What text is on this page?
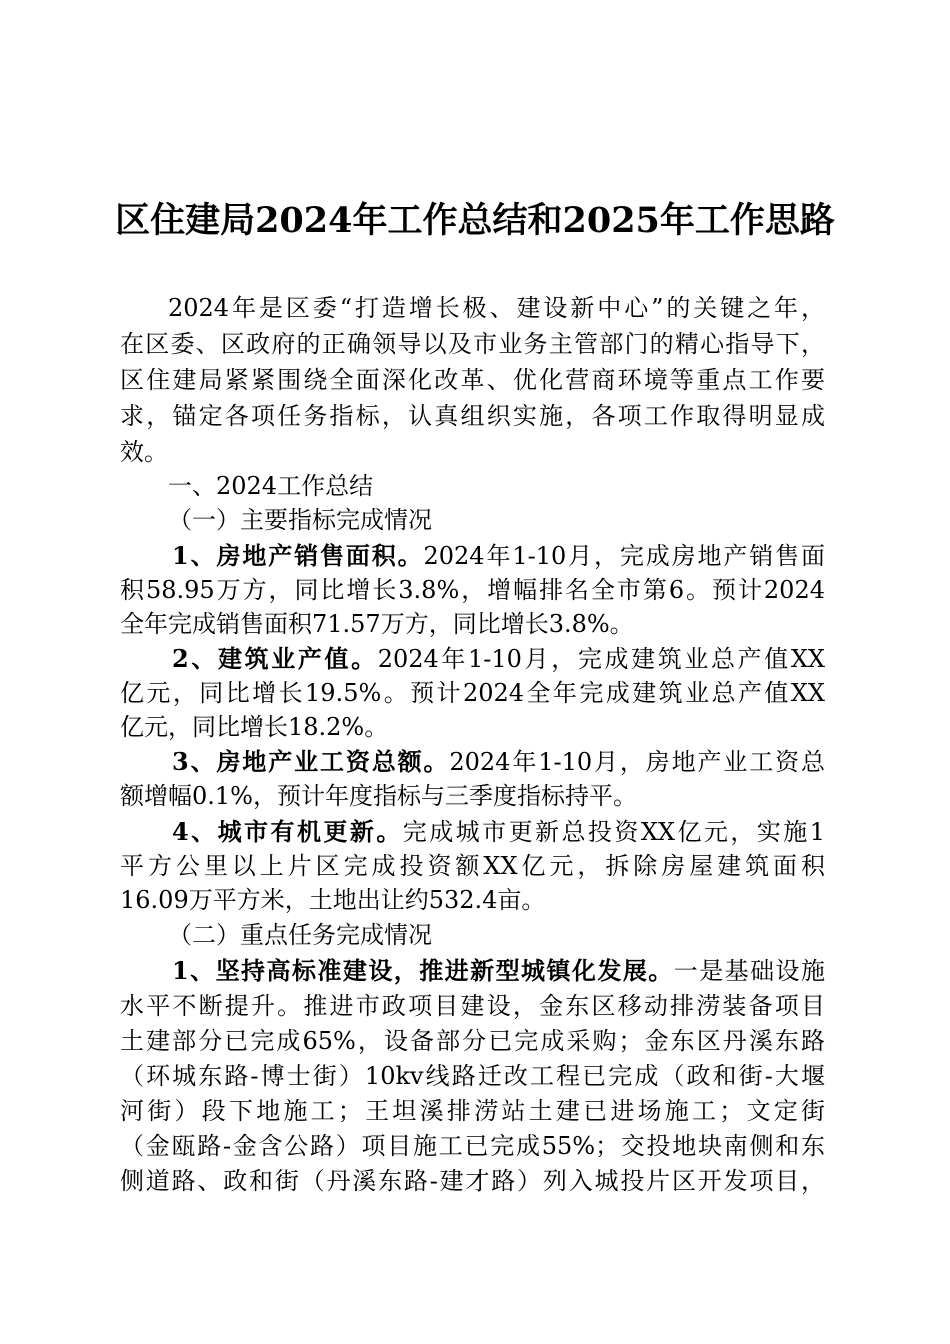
区住建局2024年工作总结和2025年工作思路
2024年是区委“打造增长极、建设新中心”的关键之年，
在区委、区政府的正确领导以及市业务主管部门的精心指导下，
区住建局紧紧围绕全面深化改革、优化营商环境等重点工作要
求，锚定各项任务指标，认真组织实施，各项工作取得明显成
效。
一、2024工作总结
（一）主要指标完成情况
1、房地产销售面积。2024年1-10月，完成房地产销售面
积58.95万方，同比增长3.8%，增幅排名全市第6。预计2024
全年完成销售面积71.57万方，同比增长3.8%。
2、建筑业产值。2024年1-10月，完成建筑业总产值XX
亿元，同比增长19.5%。预计2024全年完成建筑业总产值XX
亿元，同比增长18.2%。
3、房地产业工资总额。2024年1-10月，房地产业工资总
额增幅0.1%，预计年度指标与三季度指标持平。
4、城市有机更新。完成城市更新总投资XX亿元，实施1
平方公里以上片区完成投资额XX亿元，拆除房屋建筑面积
16.09万平方米，土地出让约532.4亩。
（二）重点任务完成情况
1、坚持高标准建设，推进新型城镇化发展。一是基础设施
水平不断提升。推进市政项目建设，金东区移动排涝装备项目
土建部分已完成65%，设备部分已完成采购；金东区丹溪东路
（环城东路-博士街）10kv线路迁改工程已完成（政和街-大堰
河街）段下地施工；王坦溪排涝站土建已进场施工；文定街
（金瓯路-金含公路）项目施工已完成55%；交投地块南侧和东
侧道路、政和街（丹溪东路-建才路）列入城投片区开发项目，
